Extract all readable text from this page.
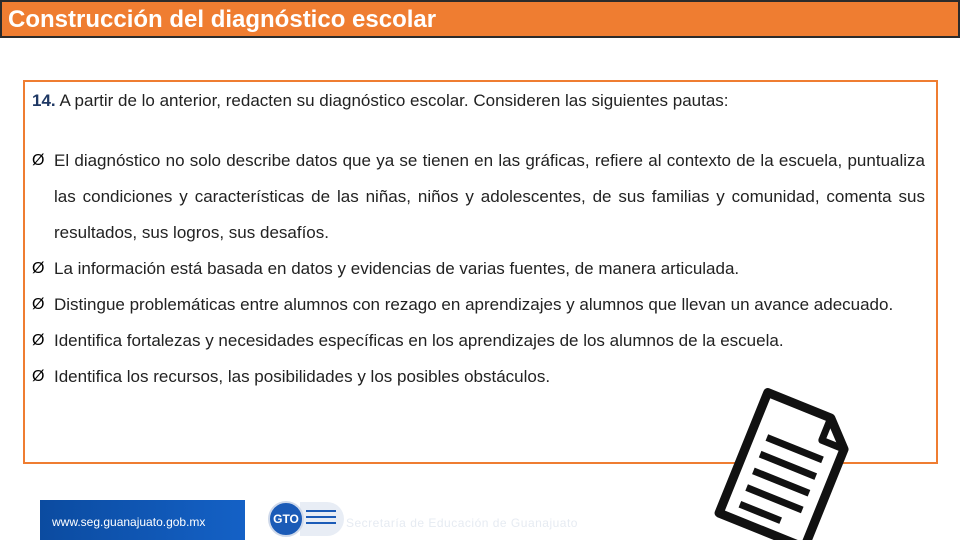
Construcción del diagnóstico escolar
14. A partir de lo anterior, redacten su diagnóstico escolar. Consideren las siguientes pautas:
Ø El diagnóstico no solo describe datos que ya se tienen en las gráficas, refiere al contexto de la escuela, puntualiza las condiciones y características de las niñas, niños y adolescentes, de sus familias y comunidad, comenta sus resultados, sus logros, sus desafíos.
Ø La información está basada en datos y evidencias de varias fuentes, de manera articulada.
Ø Distingue problemáticas entre alumnos con rezago en aprendizajes y alumnos que llevan un avance adecuado.
Ø Identifica fortalezas y necesidades específicas en los aprendizajes de los alumnos de la escuela.
Ø Identifica los recursos, las posibilidades y los posibles obstáculos.
www.seg.guanajuato.gob.mx	GTO	Secretaría de Educación de Guanajuato
